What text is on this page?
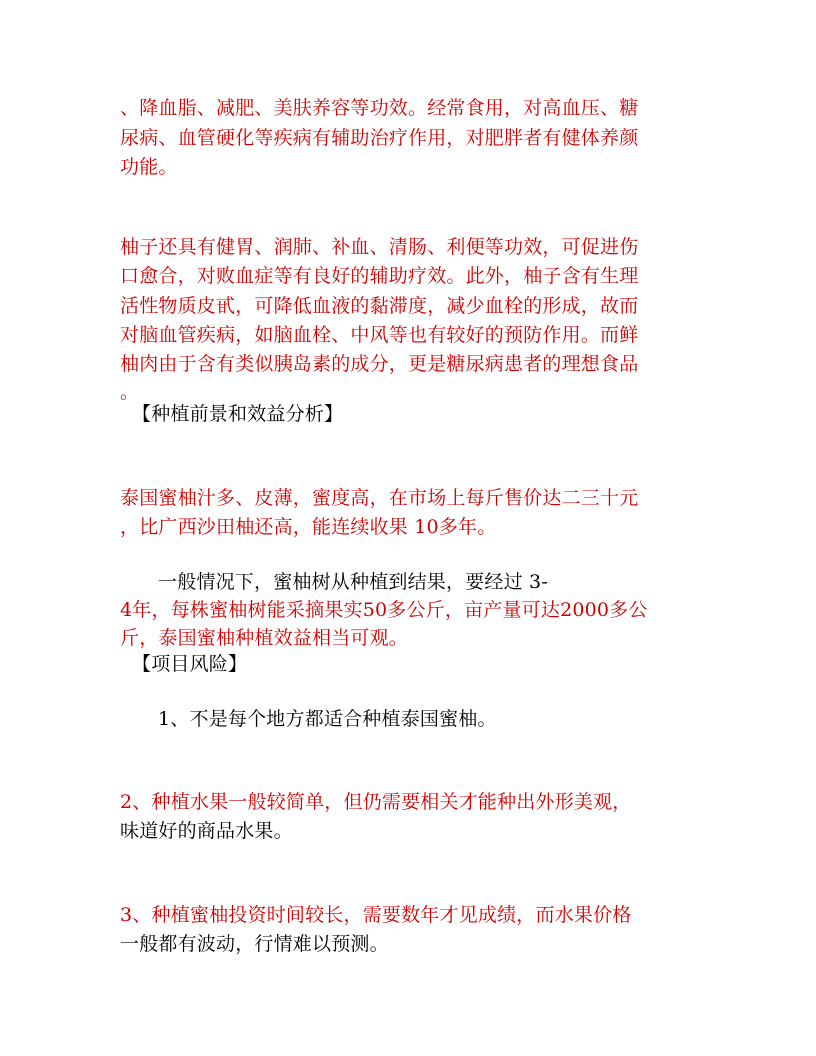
、降血脂、减肥、美肤养容等功效。经常食用，对高血压、糖
尿病、血管硬化等疾病有辅助治疗作用，对肥胖者有健体养颜
功能。
柚子还具有健胃、润肺、补血、清肠、利便等功效，可促进伤
口愈合，对败血症等有良好的辅助疗效。此外，柚子含有生理
活性物质皮甙，可降低血液的黏滞度，减少血栓的形成，故而
对脑血管疾病，如脑血栓、中风等也有较好的预防作用。而鲜
柚肉由于含有类似胰岛素的成分，更是糖尿病患者的理想食品
。
【种植前景和效益分析】
泰国蜜柚汁多、皮薄，蜜度高，在市场上每斤售价达二三十元
，比广西沙田柚还高，能连续收果 10多年。
一般情况下，蜜柚树从种植到结果，要经过 3-
4年，每株蜜柚树能采摘果实50多公斤，亩产量可达2000多公
斤，泰国蜜柚种植效益相当可观。
【项目风险】
1、不是每个地方都适合种植泰国蜜柚。
2、种植水果一般较简单，但仍需要相关才能种出外形美观，
味道好的商品水果。
3、种植蜜柚投资时间较长，需要数年才见成绩，而水果价格
一般都有波动，行情难以预测。
